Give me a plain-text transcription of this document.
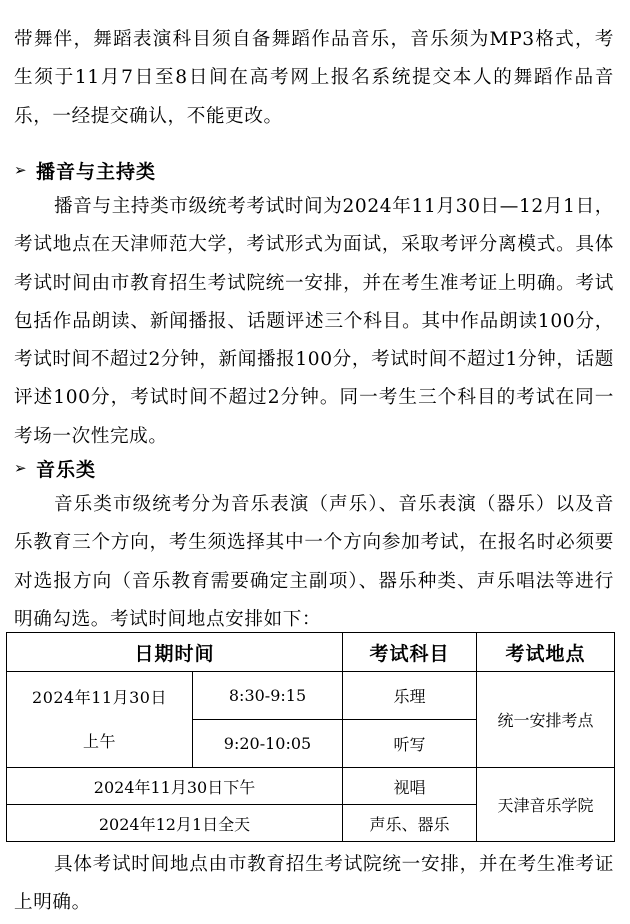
带舞伴，舞蹈表演科目须自备舞蹈作品音乐，音乐须为MP3格式，考生须于11月7日至8日间在高考网上报名系统提交本人的舞蹈作品音乐，一经提交确认，不能更改。

➢ 播音与主持类

播音与主持类市级统考考试时间为2024年11月30日—12月1日，考试地点在天津师范大学，考试形式为面试，采取考评分离模式。具体考试时间由市教育招生考试院统一安排，并在考生准考证上明确。考试包括作品朗读、新闻播报、话题评述三个科目。其中作品朗读100分，考试时间不超过2分钟，新闻播报100分，考试时间不超过1分钟，话题评述100分，考试时间不超过2分钟。同一考生三个科目的考试在同一考场一次性完成。

➢ 音乐类

音乐类市级统考分为音乐表演（声乐）、音乐表演（器乐）以及音乐教育三个方向，考生须选择其中一个方向参加考试，在报名时必须要对选报方向（音乐教育需要确定主副项）、器乐种类、声乐唱法等进行明确勾选。考试时间地点安排如下：

日期时间		考试科目	考试地点

2024年11月30日
上午	8:30-9:15	乐理	统一安排考点
	9:20-10:05	听写	
2024年11月30日下午		视唱	天津音乐学院
2024年12月1日全天		声乐、器乐	

具体考试时间地点由市教育招生考试院统一安排，并在考生准考证上明确。
